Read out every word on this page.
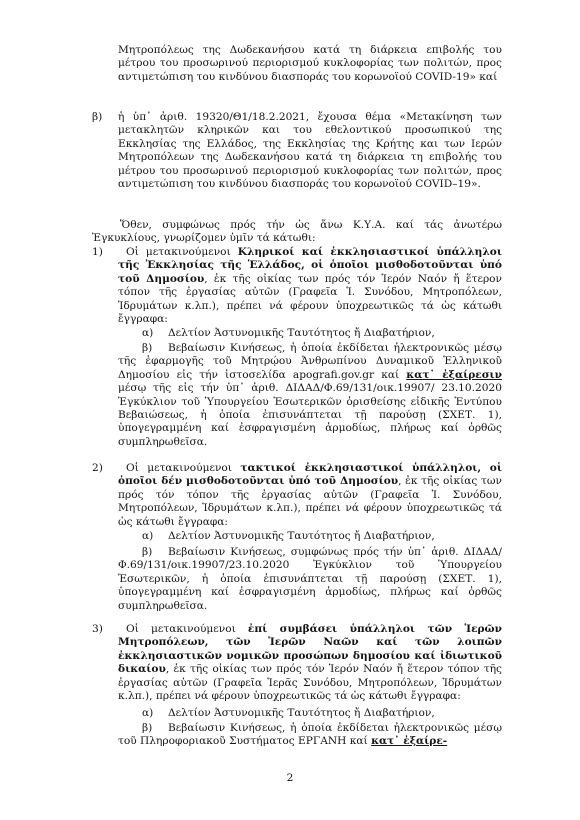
Μητροπόλεως της Δωδεκανήσου κατά τη διάρκεια επιβολής του μέτρου του προσωρινού περιορισμού κυκλοφορίας των πολιτών, προς αντιμετώπιση του κινδύνου διασποράς του κορωνοϊού COVID-19» καί

β) ἡ ὑπ᾽ ἀριθ. 19320/Θ1/18.2.2021, ἔχουσα θέμα «Μετακίνηση των μετακλητῶν κληρικῶν και του εθελοντικού προσωπικού της Εκκλησίας της Ελλάδος, της Εκκλησίας της Κρήτης και των Ιερών Μητροπόλεων της Δωδεκανήσου κατά τη διάρκεια τη επιβολής του μέτρου του προσωρινού περιορισμού κυκλοφορίας των πολιτών, προς αντιμετώπιση του κινδύνου διασποράς του κορωνοϊού COVID–19».

Ὅθεν, συμφώνως πρός τήν ὡς ἄνω Κ.Υ.Α. καί τάς ἀνωτέρω Ἐγκυκλίους, γνωρίζομεν ὑμῖν τά κάτωθι:

1)	Οἱ μετακινούμενοι Κληρικοί καί ἐκκλησιαστικοί ὑπάλληλοι τῆς Ἐκκλησίας τῆς Ἑλλάδος, οἱ ὁποῖοι μισθοδοτοῦνται ὑπό τοῦ Δημοσίου, ἐκ τῆς οἰκίας των πρός τόν Ἱερόν Ναόν ἤ ἕτερον τόπον τῆς ἐργασίας αὐτῶν (Γραφεῖα Ἱ. Συνόδου, Μητροπόλεων, Ἱδρυμάτων κ.λπ.), πρέπει νά φέρουν ὑποχρεωτικῶς τά ὡς κάτωθι ἔγγραφα:

α) Δελτίον Ἀστυνομικῆς Ταυτότητος ἤ Διαβατήριον,

β)	Βεβαίωσιν Κινήσεως, ἡ ὁποία ἐκδίδεται ἠλεκτρονικῶς μέσῳ τῆς ἐφαρμογῆς τοῦ Μητρῴου Ἀνθρωπίνου Δυναμικοῦ Ἑλληνικοῦ Δημοσίου εἰς τήν ἱστοσελίδα apografi.gov.gr καί κατ᾽ ἐξαίρεσιν μέσῳ τῆς εἰς τήν ὑπ᾽ ἀριθ. ΔΙΔΑΔ/Φ.69/131/οικ.19907/ 23.10.2020 Ἐγκύκλιον τοῦ Ὑπουργείου Ἐσωτερικῶν ὁρισθείσης εἰδικῆς Ἐντύπου Βεβαιώσεως, ἡ ὁποία ἐπισυνάπτεται τῇ παρούσῃ (ΣΧΕΤ. 1), ὑπογεγραμμένη καί ἐσφραγισμένη ἁρμοδίως, πλήρως καί ὀρθῶς συμπληρωθεῖσα.

2)	Οἱ μετακινούμενοι τακτικοί ἐκκλησιαστικοί ὑπάλληλοι, οἱ ὁποῖοι δέν μισθοδοτοῦνται ὑπό τοῦ Δημοσίου, ἐκ τῆς οἰκίας των πρός τόν τόπον τῆς ἐργασίας αὐτῶν (Γραφεῖα Ἱ. Συνόδου, Μητροπόλεων, Ἱδρυμάτων κ.λπ.), πρέπει νά φέρουν ὑποχρεωτικῶς τά ὡς κάτωθι ἔγγραφα:

α) Δελτίον Ἀστυνομικῆς Ταυτότητος ἤ Διαβατήριον,

β)	Βεβαίωσιν Κινήσεως, συμφώνως πρός τήν ὑπ᾽ ἀριθ. ΔΙΔΑΔ/Φ.69/131/οικ.19907/23.10.2020 Ἐγκύκλιον τοῦ Ὑπουργείου Ἐσωτερικῶν, ἡ ὁποία ἐπισυνάπτεται τῇ παρούσῃ (ΣΧΕΤ. 1), ὑπογεγραμμένη καί ἐσφραγισμένη ἁρμοδίως, πλήρως καί ὀρθῶς συμπληρωθεῖσα.

3)	Οἱ μετακινούμενοι ἐπί συμβάσει ὑπάλληλοι τῶν Ἱερῶν Μητροπόλεων, τῶν Ἱερῶν Ναῶν καί τῶν λοιπῶν ἐκκλησιαστικῶν νομικῶν προσώπων δημοσίου καί ἰδιωτικοῦ δικαίου, ἐκ τῆς οἰκίας των πρός τόν Ἱερόν Ναόν ἤ ἕτερον τόπον τῆς ἐργασίας αὐτῶν (Γραφεῖα Ἱερᾶς Συνόδου, Μητροπόλεων, Ἱδρυμάτων κ.λπ.), πρέπει νά φέρουν ὑποχρεωτικῶς τά ὡς κάτωθι ἔγγραφα:

α) Δελτίον Ἀστυνομικῆς Ταυτότητος ἤ Διαβατήριον,

β)	Βεβαίωσιν Κινήσεως, ἡ ὁποία ἐκδίδεται ἠλεκτρονικῶς μέσῳ τοῦ Πληροφοριακοῦ Συστήματος ΕΡΓΑΝΗ καί κατ᾽ ἐξαίρε-

2
